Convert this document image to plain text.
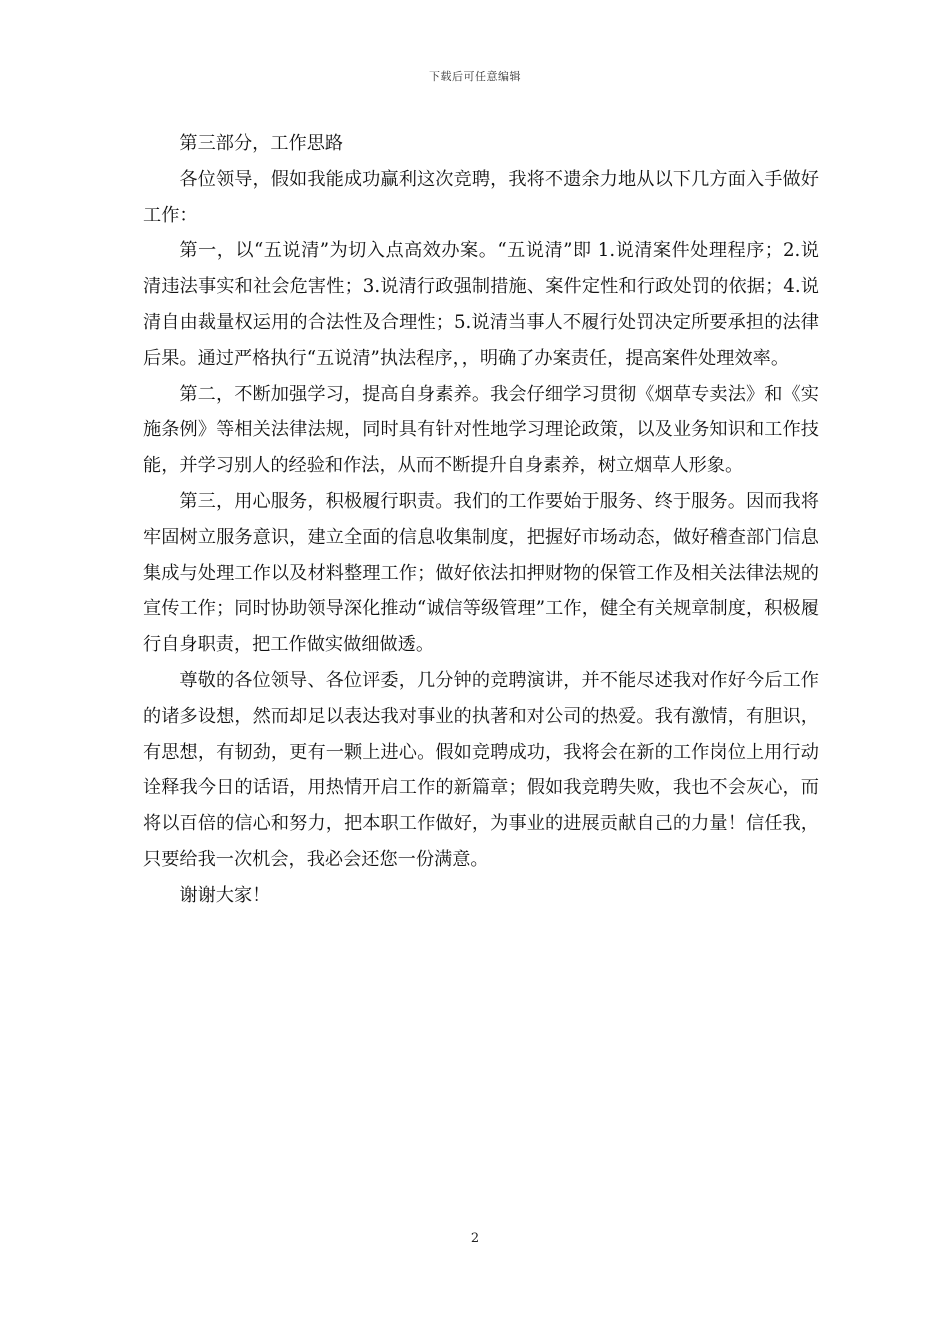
下载后可任意编辑

第三部分，工作思路

各位领导，假如我能成功赢利这次竞聘，我将不遗余力地从以下几方面入手做好工作：

第一，以“五说清”为切入点高效办案。“五说清”即 1.说清案件处理程序；2.说清违法事实和社会危害性；3.说清行政强制措施、案件定性和行政处罚的依据；4.说清自由裁量权运用的合法性及合理性；5.说清当事人不履行处罚决定所要承担的法律后果。通过严格执行“五说清”执法程序，，明确了办案责任，提高案件处理效率。

第二，不断加强学习，提高自身素养。我会仔细学习贯彻《烟草专卖法》和《实施条例》等相关法律法规，同时具有针对性地学习理论政策，以及业务知识和工作技能，并学习别人的经验和作法，从而不断提升自身素养，树立烟草人形象。

第三，用心服务，积极履行职责。我们的工作要始于服务、终于服务。因而我将牢固树立服务意识，建立全面的信息收集制度，把握好市场动态，做好稽查部门信息集成与处理工作以及材料整理工作；做好依法扣押财物的保管工作及相关法律法规的宣传工作；同时协助领导深化推动“诚信等级管理”工作，健全有关规章制度，积极履行自身职责，把工作做实做细做透。

尊敬的各位领导、各位评委，几分钟的竞聘演讲，并不能尽述我对作好今后工作的诸多设想，然而却足以表达我对事业的执著和对公司的热爱。我有激情，有胆识，有思想，有韧劲，更有一颗上进心。假如竞聘成功，我将会在新的工作岗位上用行动诠释我今日的话语，用热情开启工作的新篇章；假如我竞聘失败，我也不会灰心，而将以百倍的信心和努力，把本职工作做好，为事业的进展贡献自己的力量！信任我，只要给我一次机会，我必会还您一份满意。

谢谢大家！

2
